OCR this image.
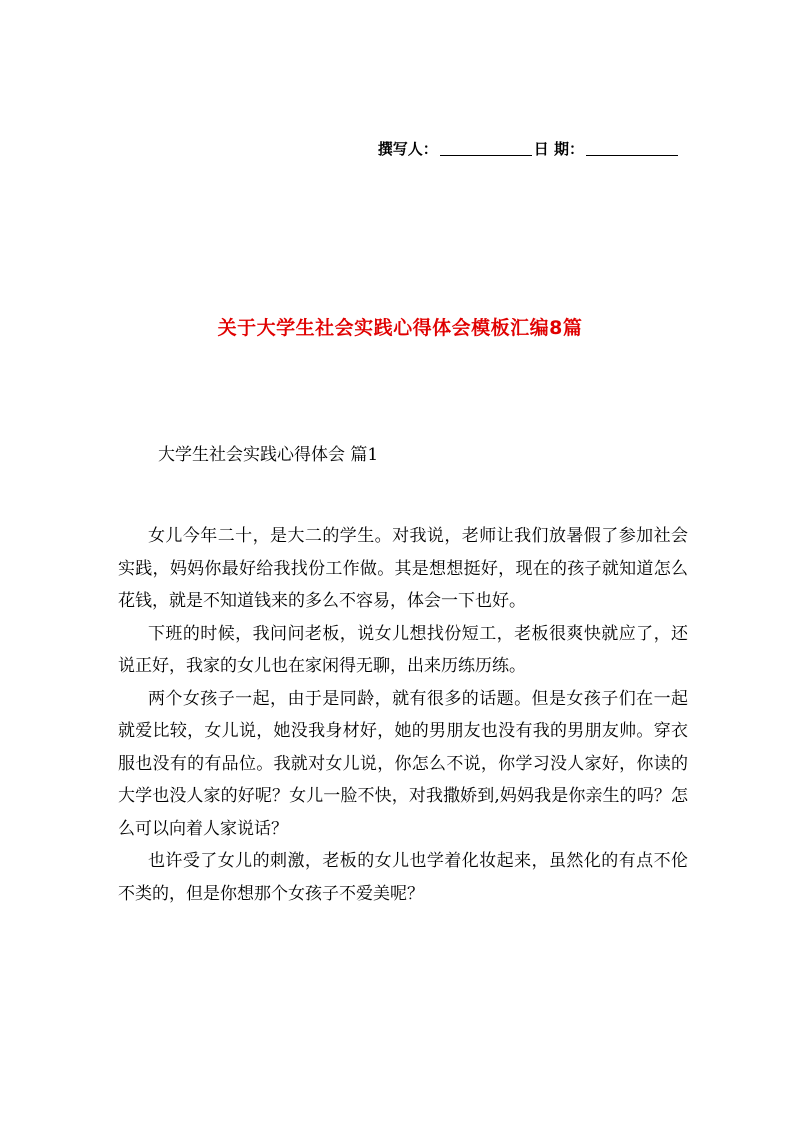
撰写人：	日 期：
关于大学生社会实践心得体会模板汇编8篇
大学生社会实践心得体会 篇1

女儿今年二十，是大二的学生。对我说，老师让我们放暑假了参加社会实践，妈妈你最好给我找份工作做。其是想想挺好，现在的孩子就知道怎么花钱，就是不知道钱来的多么不容易，体会一下也好。

下班的时候，我问问老板，说女儿想找份短工，老板很爽快就应了，还说正好，我家的女儿也在家闲得无聊，出来历练历练。

两个女孩子一起，由于是同龄，就有很多的话题。但是女孩子们在一起就爱比较，女儿说，她没我身材好，她的男朋友也没有我的男朋友帅。穿衣服也没有的有品位。我就对女儿说，你怎么不说，你学习没人家好，你读的大学也没人家的好呢？女儿一脸不快，对我撒娇到,妈妈我是你亲生的吗？怎么可以向着人家说话？

也许受了女儿的刺激，老板的女儿也学着化妆起来，虽然化的有点不伦不类的，但是你想那个女孩子不爱美呢？
